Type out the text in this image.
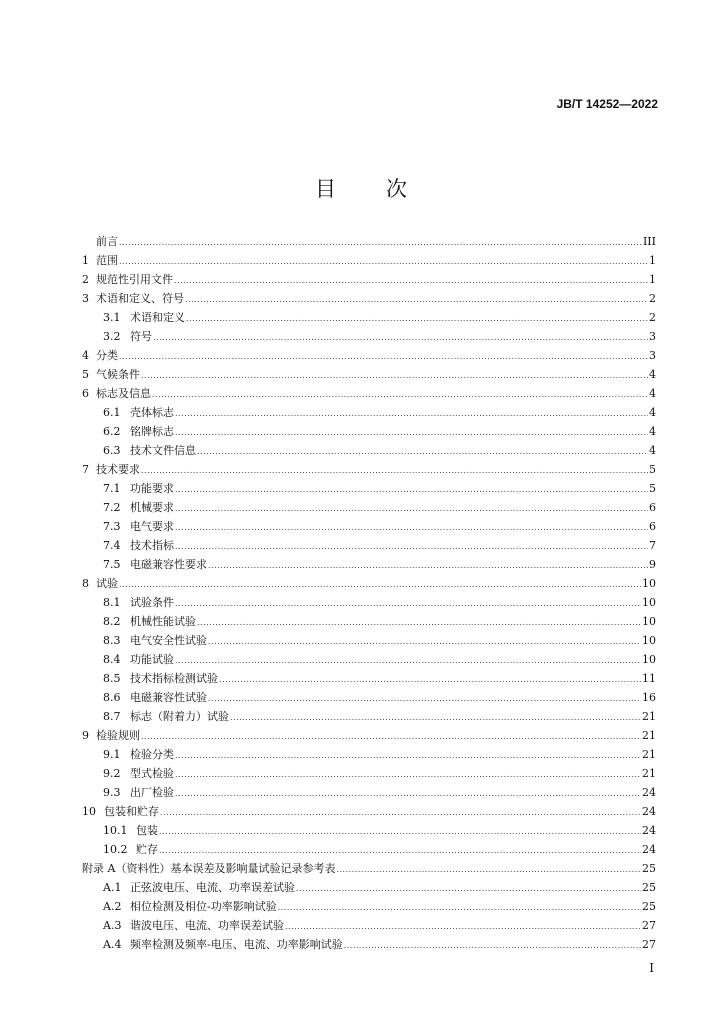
JB/T 14252—2022
目 次
前言 .....	III
1 范围 .....	1
2 规范性引用文件 .....	1
3 术语和定义、符号 .....	2
3.1 术语和定义 .....	2
3.2 符号 .....	3
4 分类 .....	3
5 气候条件 .....	4
6 标志及信息 .....	4
6.1 壳体标志 .....	4
6.2 铭牌标志 .....	4
6.3 技术文件信息 .....	4
7 技术要求 .....	5
7.1 功能要求 .....	5
7.2 机械要求 .....	6
7.3 电气要求 .....	6
7.4 技术指标 .....	7
7.5 电磁兼容性要求 .....	9
8 试验 .....	10
8.1 试验条件 .....	10
8.2 机械性能试验 .....	10
8.3 电气安全性试验 .....	10
8.4 功能试验 .....	10
8.5 技术指标检测试验 .....	11
8.6 电磁兼容性试验 .....	16
8.7 标志（附着力）试验 .....	21
9 检验规则 .....	21
9.1 检验分类 .....	21
9.2 型式检验 .....	21
9.3 出厂检验 .....	24
10 包装和贮存 .....	24
10.1 包装 .....	24
10.2 贮存 .....	24
附录 A（资料性）基本误差及影响量试验记录参考表 .....	25
A.1 正弦波电压、电流、功率误差试验 .....	25
A.2 相位检测及相位-功率影响试验 .....	25
A.3 谐波电压、电流、功率误差试验 .....	27
A.4 频率检测及频率-电压、电流、功率影响试验 .....	27
I
